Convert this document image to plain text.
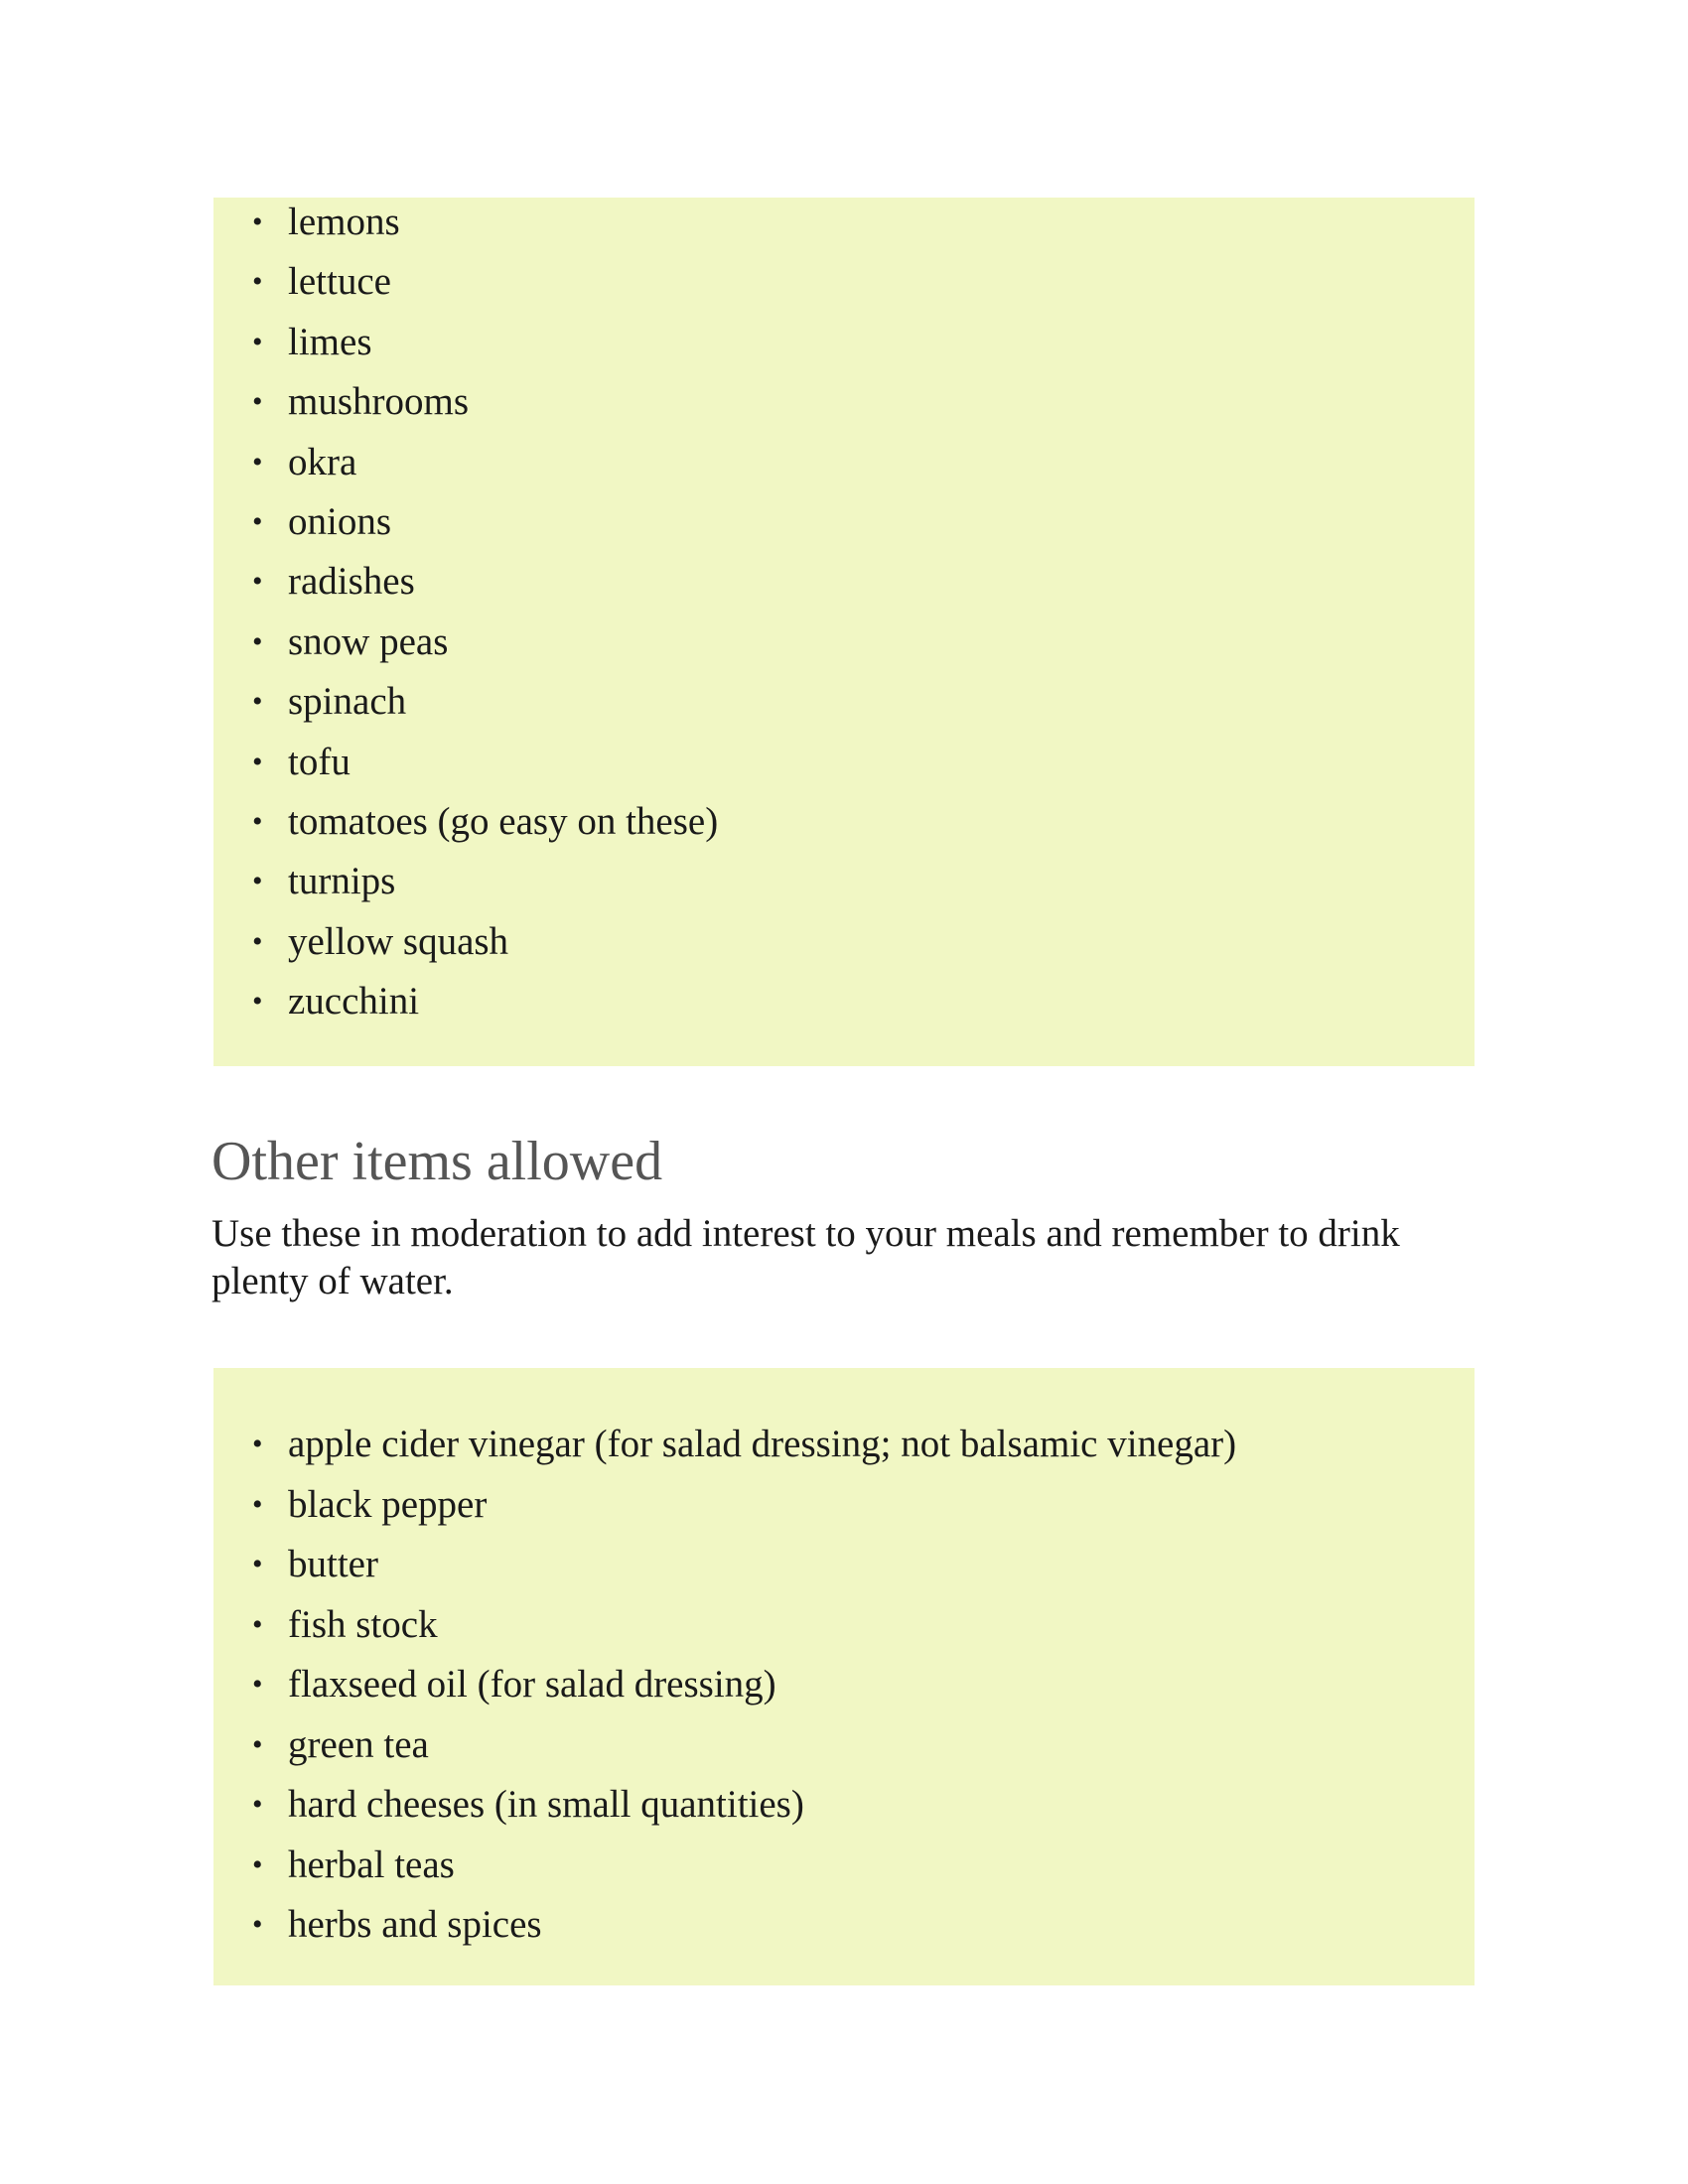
• lemons
• lettuce
• limes
• mushrooms
• okra
• onions
• radishes
• snow peas
• spinach
• tofu
• tomatoes (go easy on these)
• turnips
• yellow squash
• zucchini
Other items allowed

Use these in moderation to add interest to your meals and remember to drink plenty of water.

• apple cider vinegar (for salad dressing; not balsamic vinegar)
• black pepper
• butter
• fish stock
• flaxseed oil (for salad dressing)
• green tea
• hard cheeses (in small quantities)
• herbal teas
• herbs and spices
